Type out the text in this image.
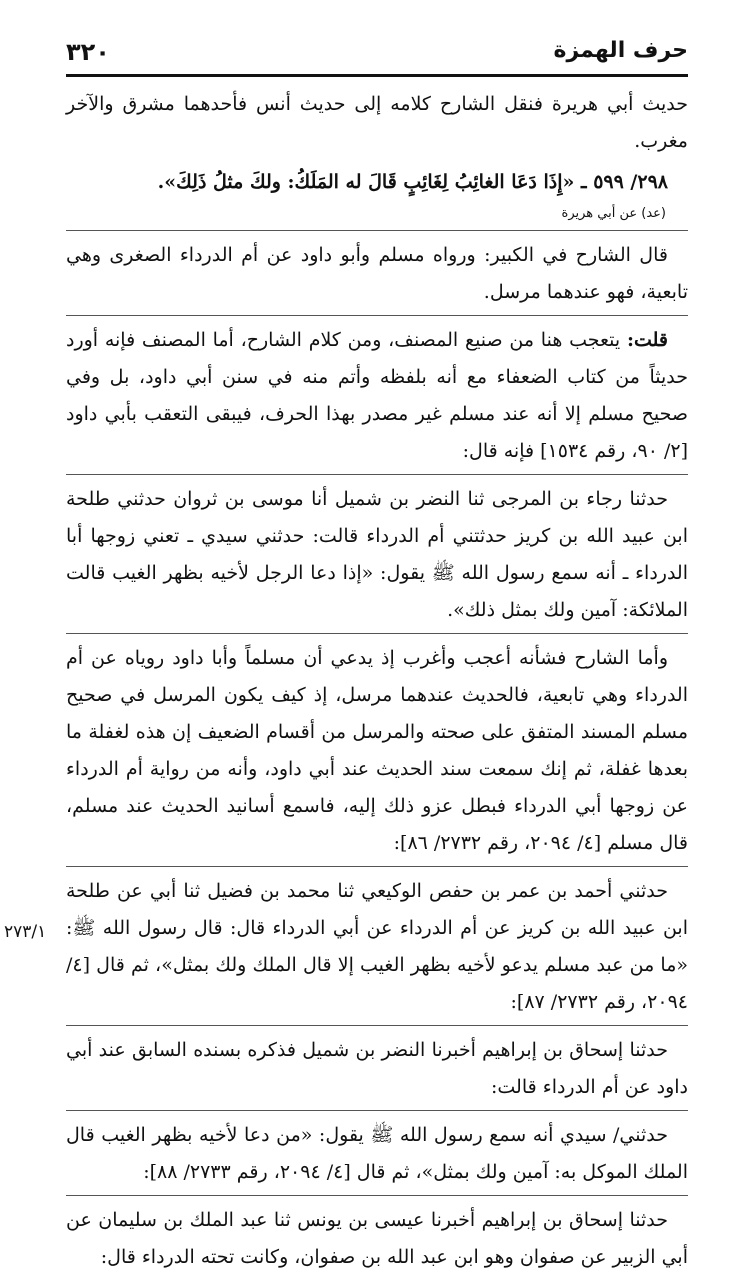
٣٢٠	حرف الهمزة

حديث أبي هريرة فنقل الشارح كلامه إلى حديث أنس فأحدهما مشرق والآخر مغرب.

٢٩٨/ ٥٩٩ ـ «إِذَا دَعَا الغائِبُ لِغَائِبٍ قَالَ له المَلَكُ: ولكَ مثلُ ذَلِكَ».

(عد) عن أبي هريرة

قال الشارح في الكبير: ورواه مسلم وأبو داود عن أم الدرداء الصغرى وهي تابعية، فهو عندهما مرسل.

قلت: يتعجب هنا من صنيع المصنف، ومن كلام الشارح، أما المصنف فإنه أورد حديثاً من كتاب الضعفاء مع أنه بلفظه وأتم منه في سنن أبي داود، بل وفي صحيح مسلم إلا أنه عند مسلم غير مصدر بهذا الحرف، فيبقى التعقب بأبي داود [٢/ ٩٠، رقم ١٥٣٤] فإنه قال:

حدثنا رجاء بن المرجى ثنا النضر بن شميل أنا موسى بن ثروان حدثني طلحة ابن عبيد الله بن كريز حدثتني أم الدرداء قالت: حدثني سيدي ـ تعني زوجها أبا الدرداء ـ أنه سمع رسول الله ﷺ يقول: «إذا دعا الرجل لأخيه بظهر الغيب قالت الملائكة: آمين ولك بمثل ذلك».

وأما الشارح فشأنه أعجب وأغرب إذ يدعي أن مسلماً وأبا داود روياه عن أم الدرداء وهي تابعية، فالحديث عندهما مرسل، إذ كيف يكون المرسل في صحيح مسلم المسند المتفق على صحته والمرسل من أقسام الضعيف إن هذه لغفلة ما بعدها غفلة، ثم إنك سمعت سند الحديث عند أبي داود، وأنه من رواية أم الدرداء عن زوجها أبي الدرداء فبطل عزو ذلك إليه، فاسمع أسانيد الحديث عند مسلم، قال مسلم [٤/ ٢٠٩٤، رقم ٢٧٣٢/ ٨٦]:

حدثني أحمد بن عمر بن حفص الوكيعي ثنا محمد بن فضيل ثنا أبي عن طلحة ابن عبيد الله بن كريز عن أم الدرداء عن أبي الدرداء قال: قال رسول الله ﷺ: «ما من عبد مسلم يدعو لأخيه بظهر الغيب إلا قال الملك ولك بمثل»، ثم قال [٤/ ٢٠٩٤، رقم ٢٧٣٢/ ٨٧]:

حدثنا إسحاق بن إبراهيم أخبرنا النضر بن شميل فذكره بسنده السابق عند أبي داود عن أم الدرداء قالت:

حدثني/ سيدي أنه سمع رسول الله ﷺ يقول: «من دعا لأخيه بظهر الغيب قال الملك الموكل به: آمين ولك بمثل»، ثم قال [٤/ ٢٠٩٤، رقم ٢٧٣٣/ ٨٨]:

حدثنا إسحاق بن إبراهيم أخبرنا عيسى بن يونس ثنا عبد الملك بن سليمان عن أبي الزبير عن صفوان وهو ابن عبد الله بن صفوان، وكانت تحته الدرداء قال:

٢٧٣/١
